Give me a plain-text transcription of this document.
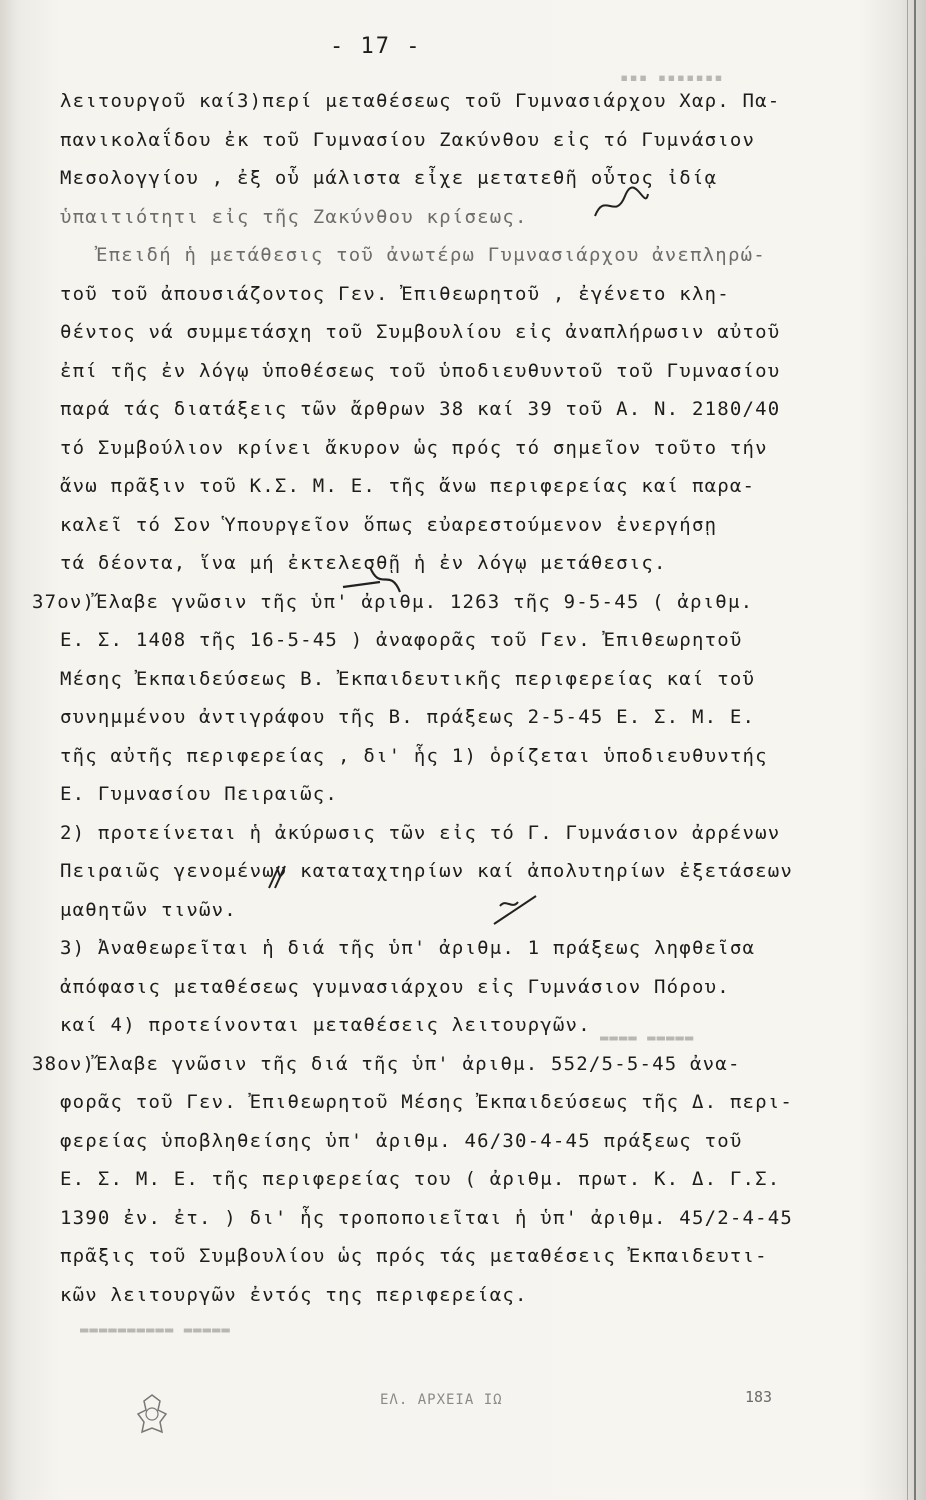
▪▪▪ ▪▪▪▪▪▪▪
▬▬▬▬ ▬▬▬▬▬
▬▬▬▬▬▬▬▬▬▬ ▬▬▬▬▬
- 17 -
λειτουργοῦ καί3)περί μεταθέσεως τοῦ Γυμνασιάρχου Χαρ. Πα-
πανικολαΐδου ἐκ τοῦ Γυμνασίου Ζακύνθου εἰς τό Γυμνάσιον
Μεσολογγίου , ἐξ οὗ μάλιστα εἶχε μετατεθῆ οὗτος ἰδίᾳ
ὑπαιτιότητι εἰς τῆς Ζακύνθου κρίσεως.
Ἐπειδή ἡ μετάθεσις τοῦ ἀνωτέρω Γυμνασιάρχου ἀνεπληρώ-
τοῦ τοῦ ἀπουσιάζοντος Γεν. Ἐπιθεωρητοῦ , ἐγένετο κλη-
θέντος νά συμμετάσχη τοῦ Συμβουλίου εἰς ἀναπλήρωσιν αὐτοῦ
ἐπί τῆς ἐν λόγῳ ὑποθέσεως τοῦ ὑποδιευθυντοῦ τοῦ Γυμνασίου
παρά τάς διατάξεις τῶν ἄρθρων 38 καί 39 τοῦ Α. Ν. 2180/40
τό Συμβούλιον κρίνει ἄκυρον ὡς πρός τό σημεῖον τοῦτο τήν
ἄνω πρᾶξιν τοῦ Κ.Σ. Μ. Ε. τῆς ἄνω περιφερείας καί παρα-
καλεῖ τό Σον Ὑπουργεῖον ὅπως εὐαρεστούμενον ἐνεργήσῃ
τά δέοντα, ἵνα μή ἐκτελεσθῇ ἡ ἐν λόγῳ μετάθεσις.
37ον) Ἔλαβε γνῶσιν τῆς ὑπ' ἀριθμ. 1263 τῆς 9-5-45 ( ἀριθμ.
Ε. Σ. 1408 τῆς 16-5-45 ) ἀναφορᾶς τοῦ Γεν. Ἐπιθεωρητοῦ
Μέσης Ἐκπαιδεύσεως Β. Ἐκπαιδευτικῆς περιφερείας καί τοῦ
συνημμένου ἀντιγράφου τῆς Β. πράξεως 2-5-45 Ε. Σ. Μ. Ε.
τῆς αὐτῆς περιφερείας , δι' ἧς 1) ὁρίζεται ὑποδιευθυντής
Ε. Γυμνασίου Πειραιῶς.
2) προτείνεται ἡ ἀκύρωσις τῶν εἰς τό Γ. Γυμνάσιον ἀρρένων
Πειραιῶς γενομένων καταταχτηρίων καί ἀπολυτηρίων ἐξετάσεων
μαθητῶν τινῶν.
3) Ἀναθεωρεῖται ἡ διά τῆς ὑπ' ἀριθμ. 1 πράξεως ληφθεῖσα
ἀπόφασις μεταθέσεως γυμνασιάρχου εἰς Γυμνάσιον Πόρου.
καί 4) προτείνονται μεταθέσεις λειτουργῶν.
38ον) Ἔλαβε γνῶσιν τῆς διά τῆς ὑπ' ἀριθμ. 552/5-5-45 ἀνα-
φορᾶς τοῦ Γεν. Ἐπιθεωρητοῦ Μέσης Ἐκπαιδεύσεως τῆς Δ. περι-
φερείας ὑποβληθείσης ὑπ' ἀριθμ. 46/30-4-45 πράξεως τοῦ
Ε. Σ. Μ. Ε. τῆς περιφερείας του ( ἀριθμ. πρωτ. Κ. Δ. Γ.Σ.
1390 ἐν. ἐτ. ) δι' ἧς τροποποιεῖται ἡ ὑπ' ἀριθμ. 45/2-4-45
πρᾶξις τοῦ Συμβουλίου ὡς πρός τάς μεταθέσεις Ἐκπαιδευτι-
κῶν λειτουργῶν ἐντός της περιφερείας.
ΕΛ. ΑΡΧΕΙΑ ΙΩ	183
